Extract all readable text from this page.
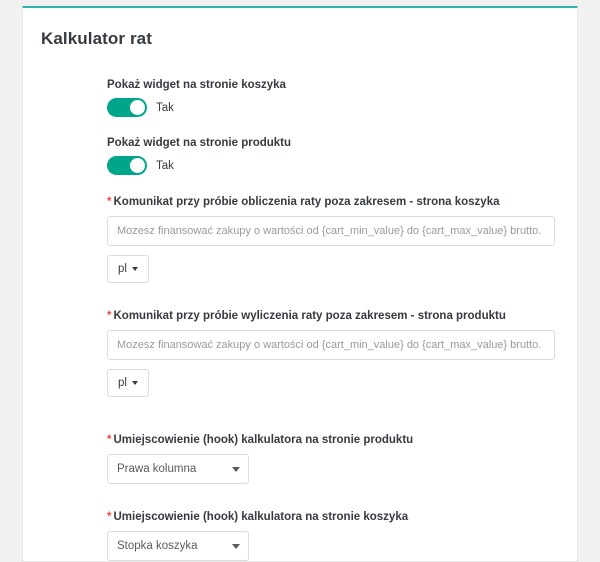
Kalkulator rat
Pokaż widget na stronie koszyka
Tak
Pokaż widget na stronie produktu
Tak
* Komunikat przy próbie obliczenia raty poza zakresem - strona koszyka
Mozesz finansować zakupy o wartości od {cart_min_value} do {cart_max_value} brutto.
pl
* Komunikat przy próbie wyliczenia raty poza zakresem - strona produktu
Mozesz finansować zakupy o wartości od {cart_min_value} do {cart_max_value} brutto.
pl
* Umiejscowienie (hook) kalkulatora na stronie produktu
Prawa kolumna
* Umiejscowienie (hook) kalkulatora na stronie koszyka
Stopka koszyka
